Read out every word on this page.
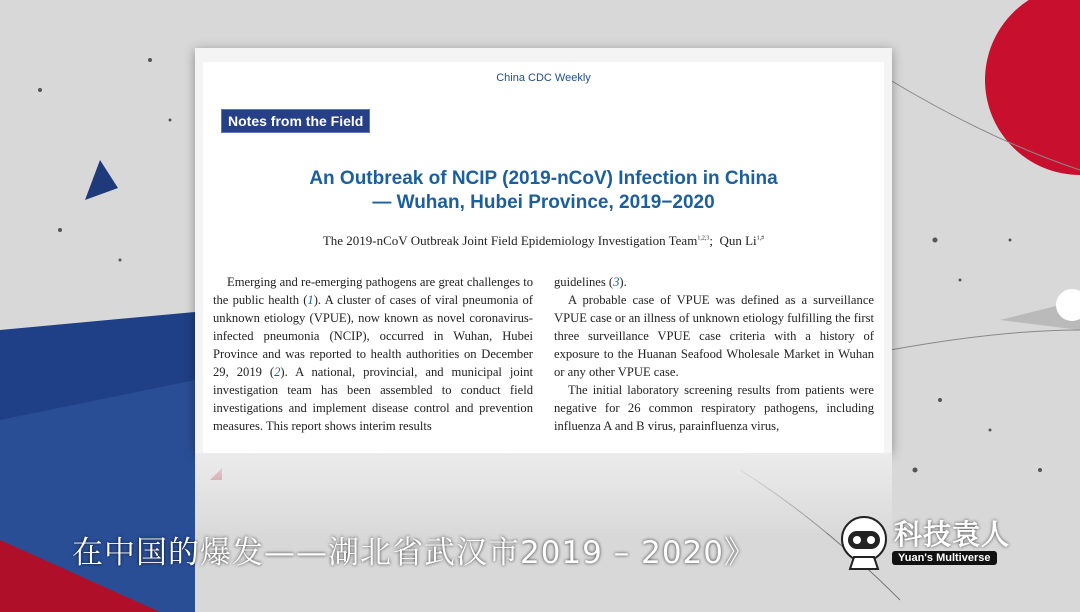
China CDC Weekly
Notes from the Field
An Outbreak of NCIP (2019-nCoV) Infection in China
— Wuhan, Hubei Province, 2019−2020
The 2019-nCoV Outbreak Joint Field Epidemiology Investigation Team$^{1,2,3}$;  Qun $Li^{1,\#}$

Emerging and re-emerging pathogens are great challenges to the public health (1). A cluster of cases of viral pneumonia of unknown etiology (VPUE), now known as novel coronavirus-infected pneumonia (NCIP), occurred in Wuhan, Hubei Province and was reported to health authorities on December 29, 2019 (2). A national, provincial, and municipal joint investigation team has been assembled to conduct field investigations and implement disease control and prevention measures. This report shows interim results

guidelines (3).

A probable case of VPUE was defined as a surveillance VPUE case or an illness of unknown etiology fulfilling the first three surveillance VPUE case criteria with a history of exposure to the Huanan Seafood Wholesale Market in Wuhan or any other VPUE case.

The initial laboratory screening results from patients were negative for 26 common respiratory pathogens, including influenza A and B virus, parainfluenza virus,

在中国的爆发——湖北省武汉市2019 – 2020》
科技袁人
Yuan's Multiverse
